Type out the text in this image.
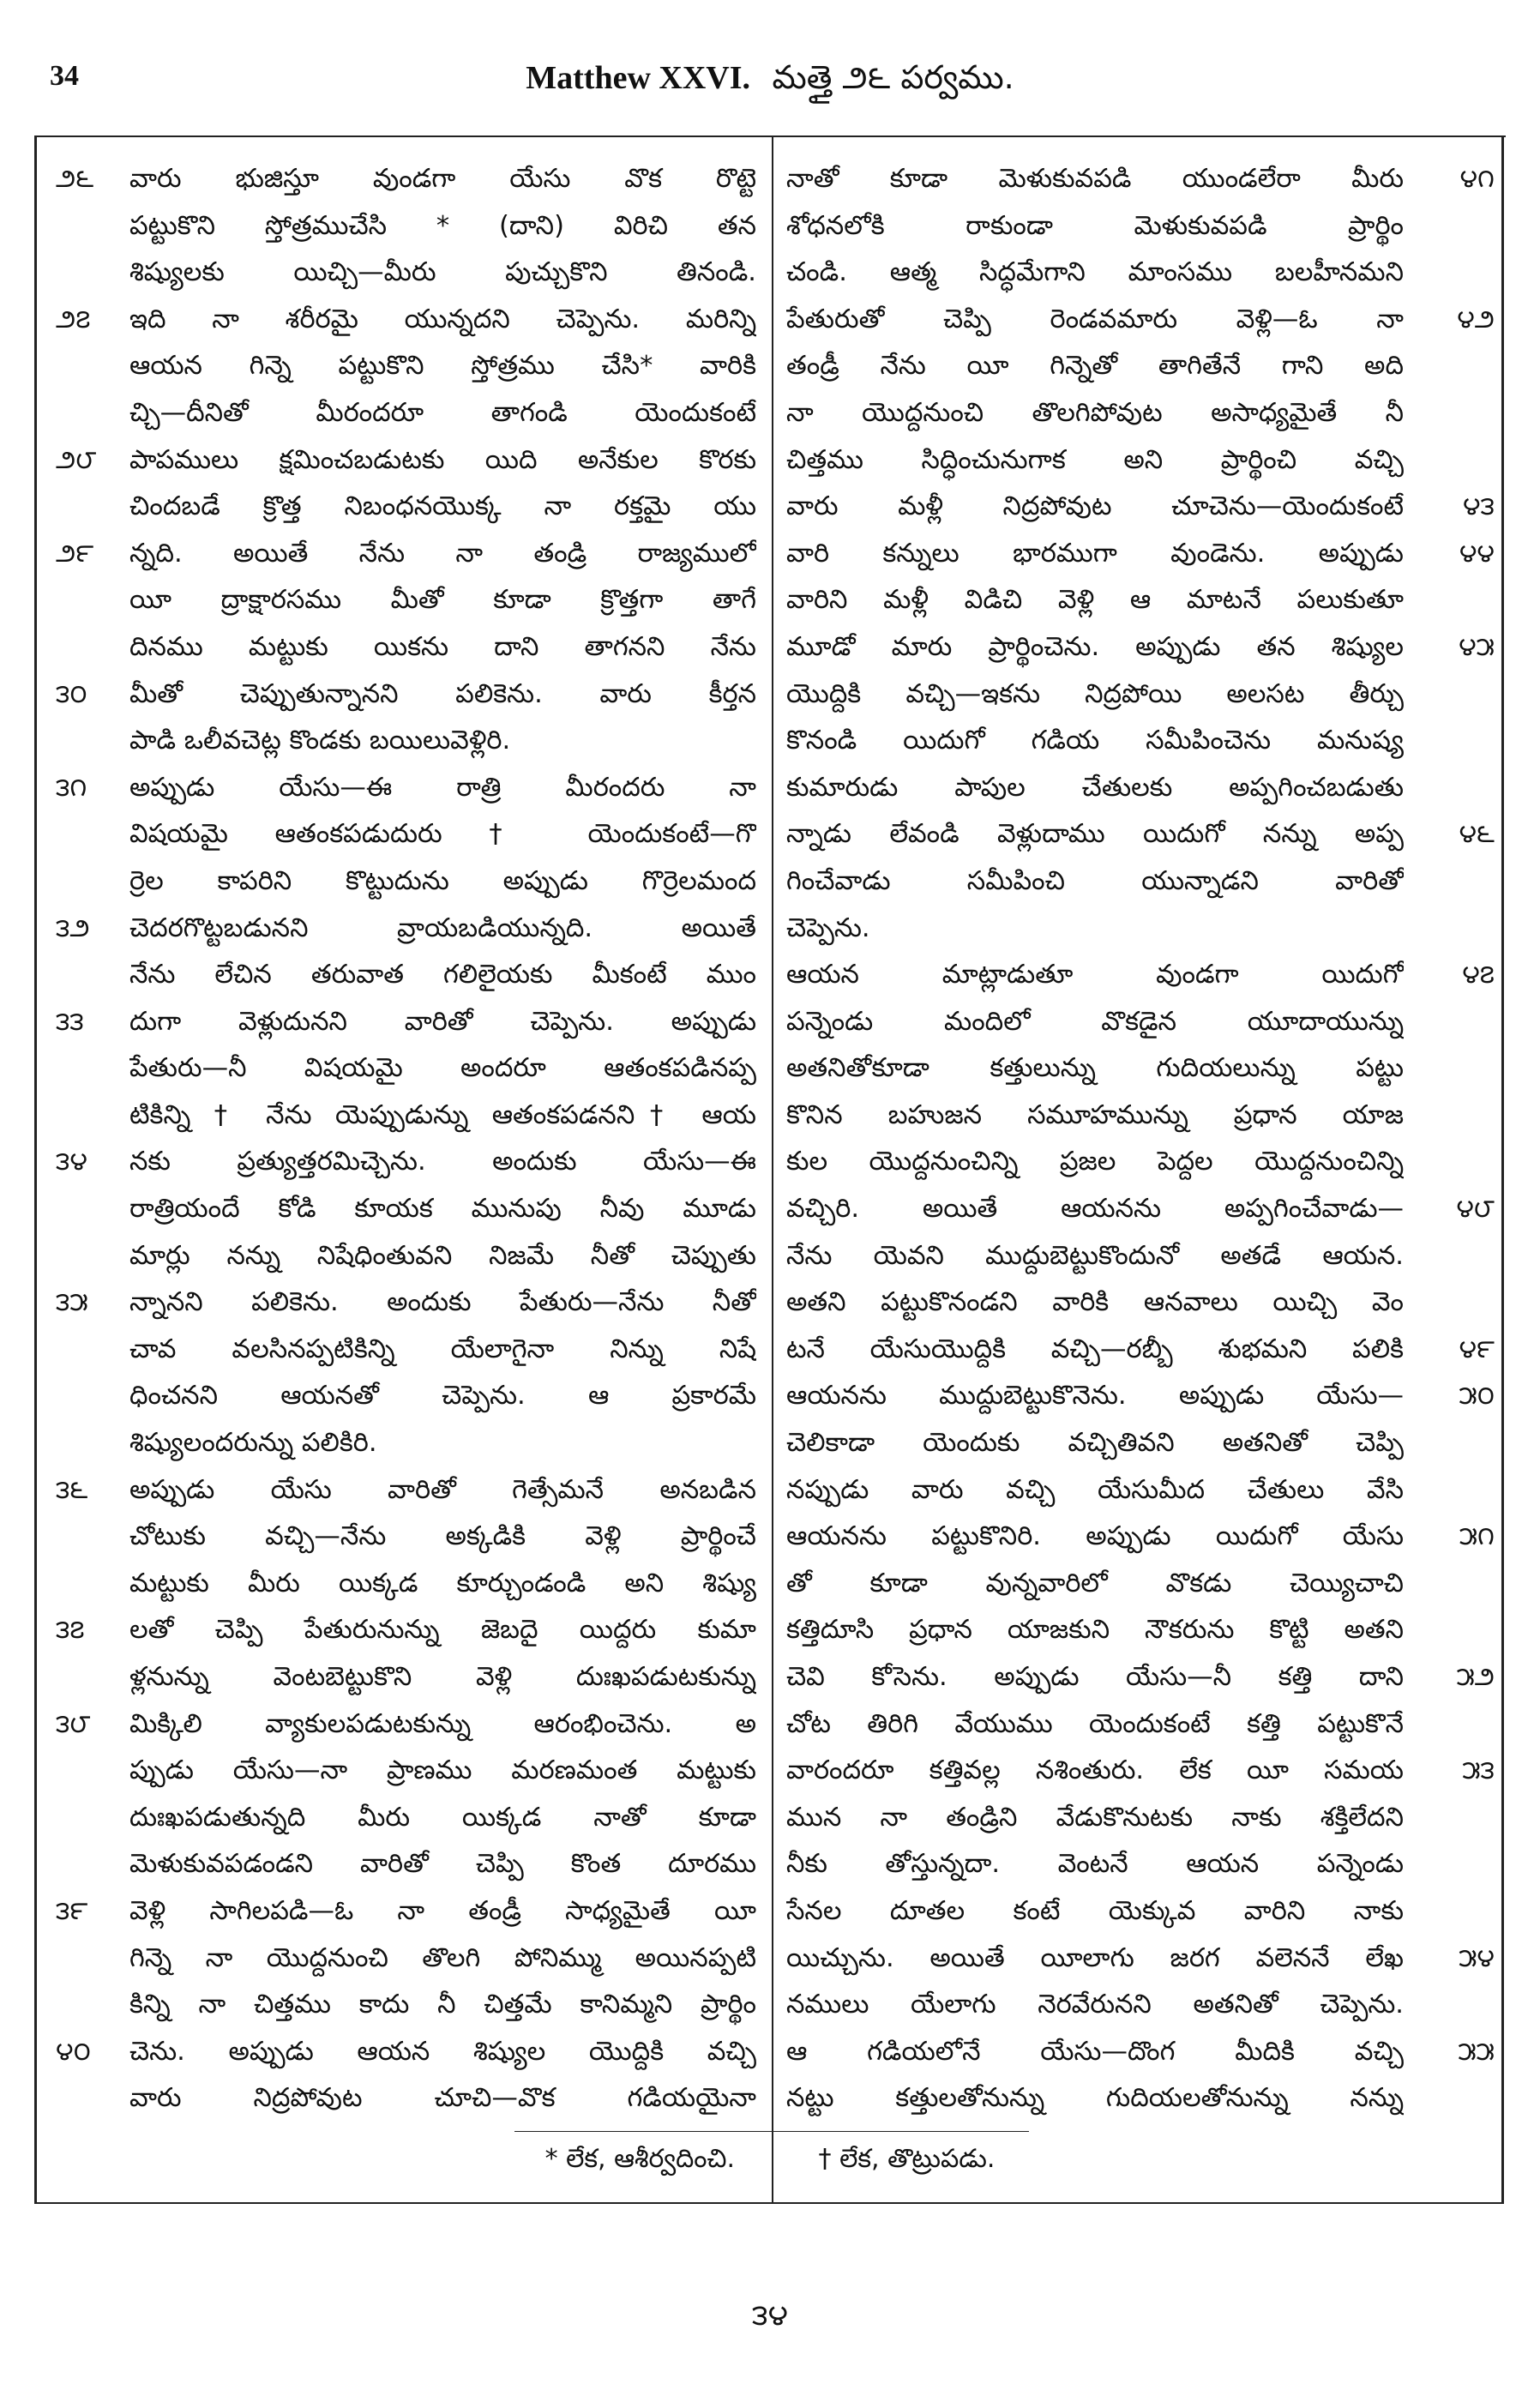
34	Matthew XXVI. మత్తై ౨౬ పర్వము.
౨౬	వారు భుజిస్తూ వుండగా యేసు వొక రొట్టె
పట్టుకొని స్తోత్రముచేసి * (దాని) విరిచి తన
శిష్యులకు యిచ్చి—మీరు పుచ్చుకొని తినండి.
౨౭	ఇది నా శరీరమై యున్నదని చెప్పెను. మరిన్ని
ఆయన గిన్నె పట్టుకొని స్తోత్రము చేసి* వారికి
చ్చి—దీనితో మీరందరూ తాగండి యెందుకంటే
౨౮	పాపములు క్షమించబడుటకు యిది అనేకుల కొరకు
చిందబడే క్రొత్త నిబంధనయొక్క నా రక్తమై యు
౨౯	న్నది. అయితే నేను నా తండ్రి రాజ్యములో
యీ ద్రాక్షారసము మీతో కూడా క్రొత్తగా తాగే
దినము మట్టుకు యికను దాని తాగనని నేను
౩౦	మీతో చెప్పుతున్నానని పలికెను. వారు కీర్తన
పాడి ఒలీవచెట్ల కొండకు బయిలువెళ్లిరి.
౩౧	అప్పుడు యేసు—ఈ రాత్రి మీరందరు నా
విషయమై ఆతంకపడుదురు † యెందుకంటే—గొ
ర్రెల కాపరిని కొట్టుదును అప్పుడు గొర్రెలమంద
౩౨	చెదరగొట్టబడునని వ్రాయబడియున్నది. అయితే
నేను లేచిన తరువాత గలిలైయకు మీకంటే ముం
౩౩	దుగా వెళ్లుదునని వారితో చెప్పెను. అప్పుడు
పేతురు—నీ విషయమై అందరూ ఆతంకపడినప్ప
టికిన్ని † నేను యెప్పుడున్ను ఆతంకపడనని† ఆయ
౩౪	నకు ప్రత్యుత్తరమిచ్చెను. అందుకు యేసు—ఈ
రాత్రియందే కోడి కూయక మునుపు నీవు మూడు
మార్లు నన్ను నిషేధింతువని నిజమే నీతో చెప్పుతు
౩౫	న్నానని పలికెను. అందుకు పేతురు—నేను నీతో
చావ వలసినప్పటికిన్ని యేలాగైనా నిన్ను నిషే
ధించనని ఆయనతో చెప్పెను. ఆ ప్రకారమే
శిష్యులందరున్ను పలికిరి.
౩౬	అప్పుడు యేసు వారితో గెత్సేమనే అనబడిన
చోటుకు వచ్చి—నేను అక్కడికి వెళ్లి ప్రార్థించే
మట్టుకు మీరు యిక్కడ కూర్చుండండి అని శిష్యు
౩౭	లతో చెప్పి పేతురునున్ను జెబదై యిద్దరు కుమా
ళ్లనున్ను వెంటబెట్టుకొని వెళ్లి దుఃఖపడుటకున్ను
౩౮	మిక్కిలి వ్యాకులపడుటకున్ను ఆరంభించెను. అ
ప్పుడు యేసు—నా ప్రాణము మరణమంత మట్టుకు
దుఃఖపడుతున్నది మీరు యిక్కడ నాతో కూడా
మెళుకువపడండని వారితో చెప్పి కొంత దూరము
౩౯	వెళ్లి సాగిలపడి—ఓ నా తండ్రీ సాధ్యమైతే యీ
గిన్నె నా యొద్దనుంచి తొలగి పోనిమ్ము అయినప్పటి
కిన్ని నా చిత్తము కాదు నీ చిత్తమే కానిమ్మని ప్రార్థిం
౪౦	చెను. అప్పుడు ఆయన శిష్యుల యొద్దికి వచ్చి
వారు నిద్రపోవుట చూచి—వొక గడియయైనా
౪౧
నాతో కూడా మెళుకువపడి యుండలేరా మీరు
శోధనలోకి రాకుండా మెళుకువపడి ప్రార్థిం
చండి. ఆత్మ సిద్ధమేగాని మాంసము బలహీనమని
౪౨
పేతురుతో చెప్పి రెండవమారు వెళ్లి—ఓ నా
తండ్రీ నేను యీ గిన్నెతో తాగితేనే గాని అది
నా యొద్దనుంచి తొలగిపోవుట అసాధ్యమైతే నీ
చిత్తము సిద్ధించునుగాక అని ప్రార్థించి వచ్చి
౪౩
వారు మళ్లీ నిద్రపోవుట చూచెను—యెందుకంటే
౪౪
వారి కన్నులు భారముగా వుండెను. అప్పుడు
వారిని మళ్లీ విడిచి వెళ్లి ఆ మాటనే పలుకుతూ
౪౫
మూడో మారు ప్రార్థించెను. అప్పుడు తన శిష్యుల
యొద్దికి వచ్చి—ఇకను నిద్రపోయి అలసట తీర్చు
కొనండి యిదుగో గడియ సమీపించెను మనుష్య
కుమారుడు పాపుల చేతులకు అప్పగించబడుతు
౪౬
న్నాడు లేవండి వెళ్లుదాము యిదుగో నన్ను అప్ప
గించేవాడు సమీపించి యున్నాడని వారితో
చెప్పెను.
౪౭
ఆయన మాట్లాడుతూ వుండగా యిదుగో
పన్నెండు మందిలో వొకడైన యూదాయున్ను
అతనితోకూడా కత్తులున్ను గుదియలున్ను పట్టు
కొనిన బహుజన సమూహమున్ను ప్రధాన యాజ
కుల యొద్దనుంచిన్ని ప్రజల పెద్దల యొద్దనుంచిన్ని
౪౮
వచ్చిరి. అయితే ఆయనను అప్పగించేవాడు—
నేను యెవని ముద్దుబెట్టుకొందునో అతడే ఆయన.
అతని పట్టుకొనండని వారికి ఆనవాలు యిచ్చి వెం
౪౯
టనే యేసుయొద్దికి వచ్చి—రబ్బీ శుభమని పలికి
౫౦
ఆయనను ముద్దుబెట్టుకొనెను. అప్పుడు యేసు—
చెలికాడా యెందుకు వచ్చితివని అతనితో చెప్పి
నప్పుడు వారు వచ్చి యేసుమీద చేతులు వేసి
౫౧
ఆయనను పట్టుకొనిరి. అప్పుడు యిదుగో యేసు
తో కూడా వున్నవారిలో వొకడు చెయ్యిచాచి
కత్తిదూసి ప్రధాన యాజకుని నౌకరును కొట్టి అతని
౫౨
చెవి కోసెను. అప్పుడు యేసు—నీ కత్తి దాని
చోట తిరిగి వేయుము యెందుకంటే కత్తి పట్టుకొనే
౫౩
వారందరూ కత్తివల్ల నశింతురు. లేక యీ సమయ
మున నా తండ్రిని వేడుకొనుటకు నాకు శక్తిలేదని
నీకు తోస్తున్నదా. వెంటనే ఆయన పన్నెండు
సేనల దూతల కంటే యెక్కువ వారిని నాకు
౫౪
యిచ్చును. అయితే యీలాగు జరగ వలెననే లేఖ
నములు యేలాగు నెరవేరునని అతనితో చెప్పెను.
౫౫
ఆ గడియలోనే యేసు—దొంగ మీదికి వచ్చి
నట్టు కత్తులతోనున్ను గుదియలతోనున్ను నన్ను
* లేక, ఆశీర్వదించి.	† లేక, తొట్రుపడు.
౩౪
